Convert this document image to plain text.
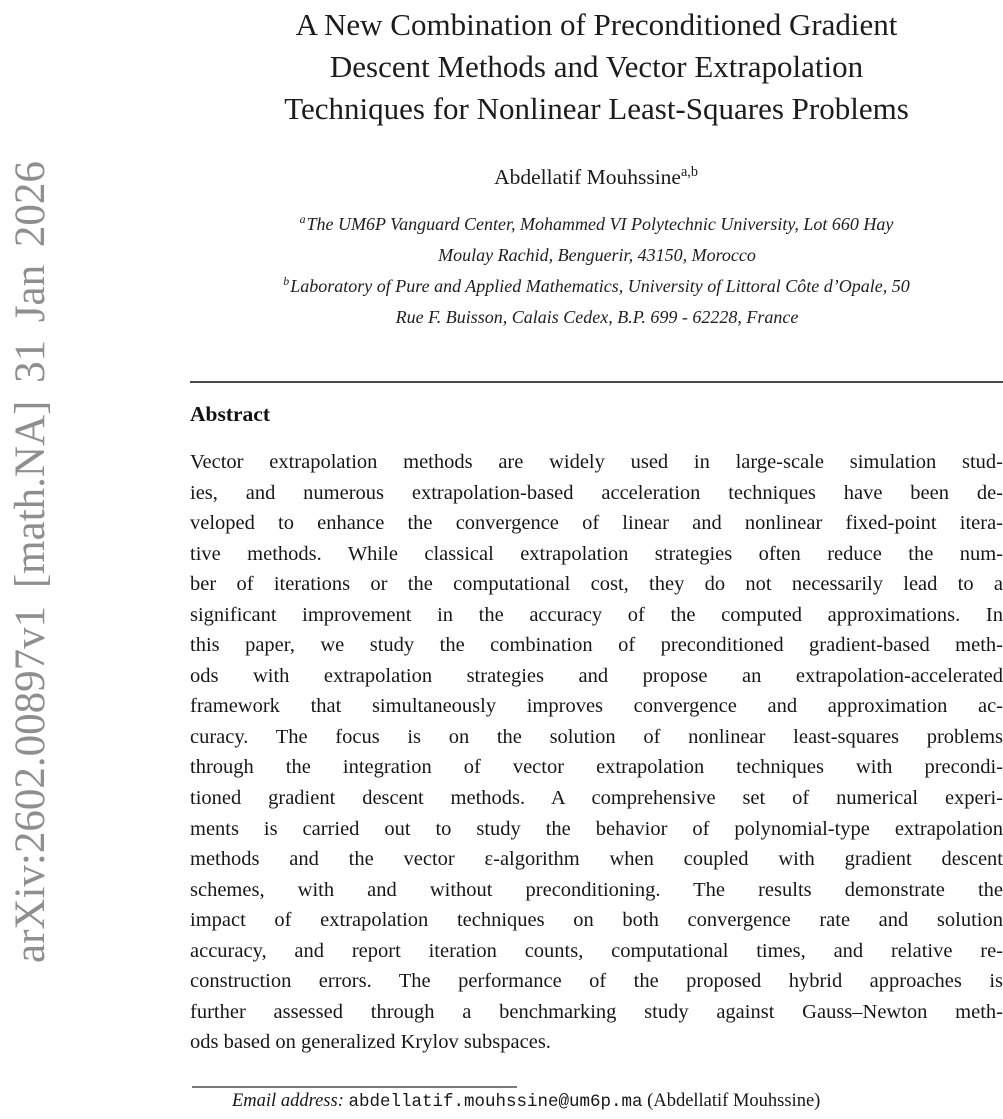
arXiv:2602.00897v1 [math.NA] 31 Jan 2026
A New Combination of Preconditioned Gradient
Descent Methods and Vector Extrapolation
Techniques for Nonlinear Least-Squares Problems
Abdellatif Mouhssine$^{a,b}$
$^a$The UM6P Vanguard Center, Mohammed VI Polytechnic University, Lot 660 Hay
Moulay Rachid, Benguerir, 43150, Morocco
$^b$Laboratory of Pure and Applied Mathematics, University of Littoral Côte d’Opale, 50
Rue F. Buisson, Calais Cedex, B.P. 699 - 62228, France
Abstract
Vector extrapolation methods are widely used in large-scale simulation stud-
ies, and numerous extrapolation-based acceleration techniques have been de-
veloped to enhance the convergence of linear and nonlinear fixed-point itera-
tive methods. While classical extrapolation strategies often reduce the num-
ber of iterations or the computational cost, they do not necessarily lead to a
significant improvement in the accuracy of the computed approximations. In
this paper, we study the combination of preconditioned gradient-based meth-
ods with extrapolation strategies and propose an extrapolation-accelerated
framework that simultaneously improves convergence and approximation ac-
curacy. The focus is on the solution of nonlinear least-squares problems
through the integration of vector extrapolation techniques with precondi-
tioned gradient descent methods. A comprehensive set of numerical experi-
ments is carried out to study the behavior of polynomial-type extrapolation
methods and the vector ε-algorithm when coupled with gradient descent
schemes, with and without preconditioning. The results demonstrate the
impact of extrapolation techniques on both convergence rate and solution
accuracy, and report iteration counts, computational times, and relative re-
construction errors. The performance of the proposed hybrid approaches is
further assessed through a benchmarking study against Gauss–Newton meth-
ods based on generalized Krylov subspaces.
Email address: abdellatif.mouhssine@um6p.ma (Abdellatif Mouhssine)
